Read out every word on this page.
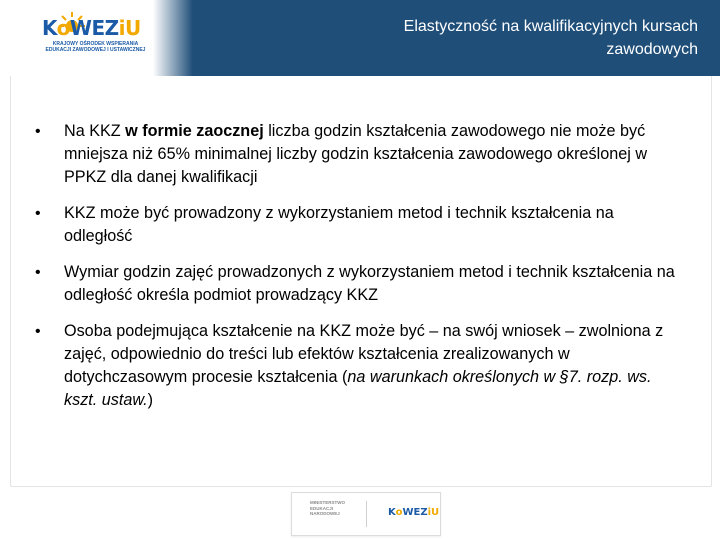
KoWEZiU
KRAJOWY OŚRODEK WSPIERANIA
EDUKACJI ZAWODOWEJ I USTAWICZNEJ
Elastyczność na kwalifikacyjnych kursach
zawodowych
• Na KKZ w formie zaocznej liczba godzin kształcenia zawodowego nie może być mniejsza niż 65% minimalnej liczby godzin kształcenia zawodowego określonej w PPKZ dla danej kwalifikacji
• KKZ może być prowadzony z wykorzystaniem metod i technik kształcenia na odległość
• Wymiar godzin zajęć prowadzonych z wykorzystaniem metod i technik kształcenia na odległość określa podmiot prowadzący KKZ
• Osoba podejmująca kształcenie na KKZ może być – na swój wniosek – zwolniona z zajęć, odpowiednio do treści lub efektów kształcenia zrealizowanych w dotychczasowym procesie kształcenia (na warunkach określonych w §7. rozp. ws. kszt. ustaw.)
MINISTERSTWO
EDUKACJI
NARODOWEJ	KoWEZiU
